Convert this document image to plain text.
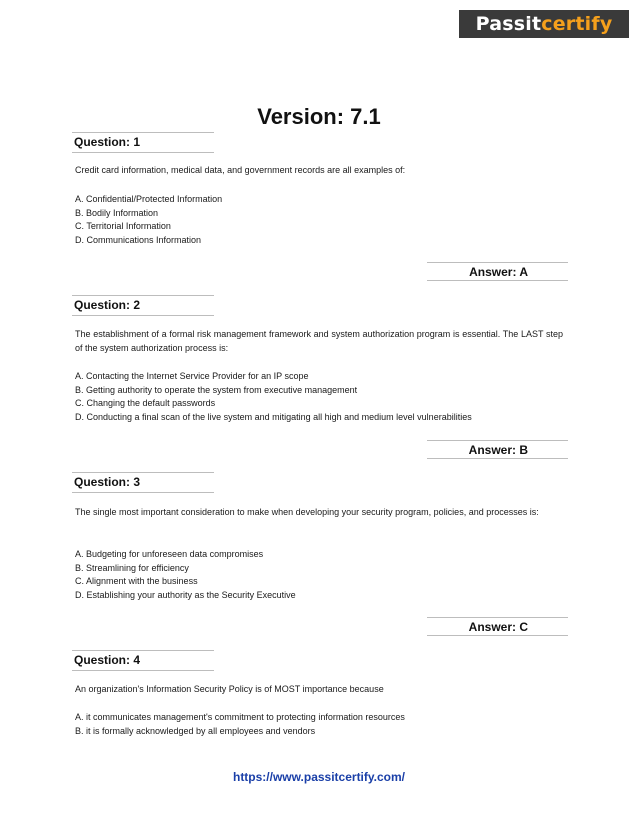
Passit certify
Version: 7.1
Question: 1
Credit card information, medical data, and government records are all examples of:
A. Confidential/Protected Information
B. Bodily Information
C. Territorial Information
D. Communications Information
Answer: A
Question: 2
The establishment of a formal risk management framework and system authorization program is essential. The LAST step of the system authorization process is:
A. Contacting the Internet Service Provider for an IP scope
B. Getting authority to operate the system from executive management
C. Changing the default passwords
D. Conducting a final scan of the live system and mitigating all high and medium level vulnerabilities
Answer: B
Question: 3
The single most important consideration to make when developing your security program, policies, and processes is:
A. Budgeting for unforeseen data compromises
B. Streamlining for efficiency
C. Alignment with the business
D. Establishing your authority as the Security Executive
Answer: C
Question: 4
An organization's Information Security Policy is of MOST importance because
A. it communicates management's commitment to protecting information resources
B. it is formally acknowledged by all employees and vendors
https://www.passitcertify.com/
